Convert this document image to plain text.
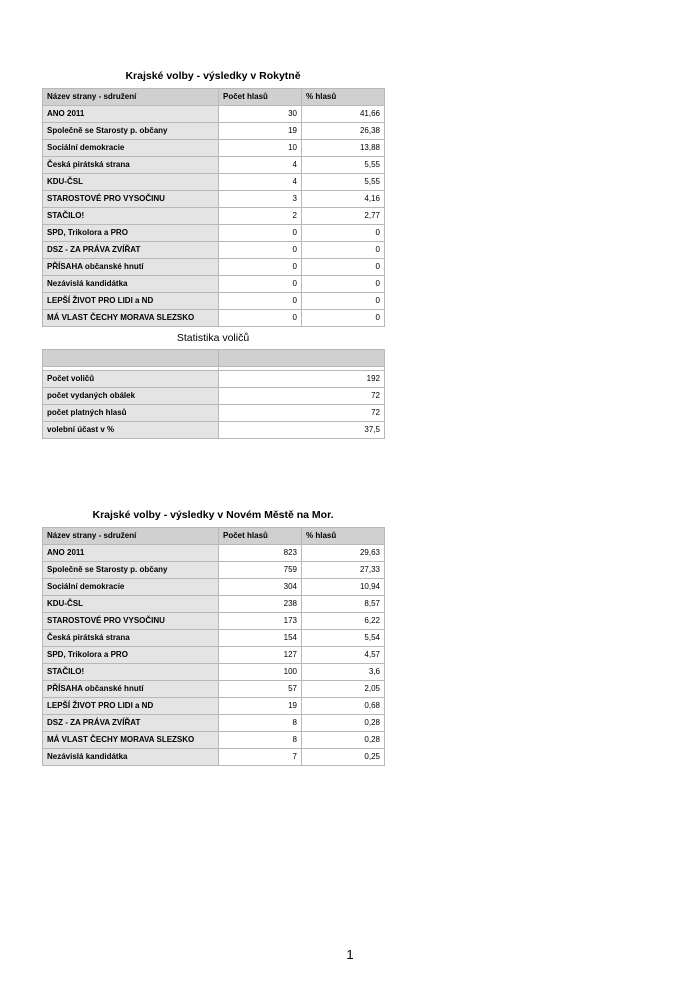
Krajské volby - výsledky v Rokytně
Název strany - sdružení	Počet hlasů	% hlasů
ANO 2011	30	41,66
Společně se Starosty p. občany	19	26,38
Sociální demokracie	10	13,88
Česká pirátská strana	4	5,55
KDU-ČSL	4	5,55
STAROSTOVÉ PRO VYSOČINU	3	4,16
STAČILO!	2	2,77
SPD, Trikolora a PRO	0	0
DSZ - ZA PRÁVA ZVÍŘAT	0	0
PŘÍSAHA občanské hnutí	0	0
Nezávislá kandidátka	0	0
LEPŠÍ ŽIVOT PRO LIDI a ND	0	0
MÁ VLAST ČECHY MORAVA SLEZSKO	0	0
Statistika voličů

Počet voličů	192
počet vydaných obálek	72
počet platných hlasů	72
volební účast v %	37,5
Krajské volby - výsledky v Novém Městě na Mor.
Název strany - sdružení	Počet hlasů	% hlasů
ANO 2011	823	29,63
Společně se Starosty p. občany	759	27,33
Sociální demokracie	304	10,94
KDU-ČSL	238	8,57
STAROSTOVÉ PRO VYSOČINU	173	6,22
Česká pirátská strana	154	5,54
SPD, Trikolora a PRO	127	4,57
STAČILO!	100	3,6
PŘÍSAHA občanské hnutí	57	2,05
LEPŠÍ ŽIVOT PRO LIDI a ND	19	0,68
DSZ - ZA PRÁVA ZVÍŘAT	8	0,28
MÁ VLAST ČECHY MORAVA SLEZSKO	8	0,28
Nezávislá kandidátka	7	0,25
1
